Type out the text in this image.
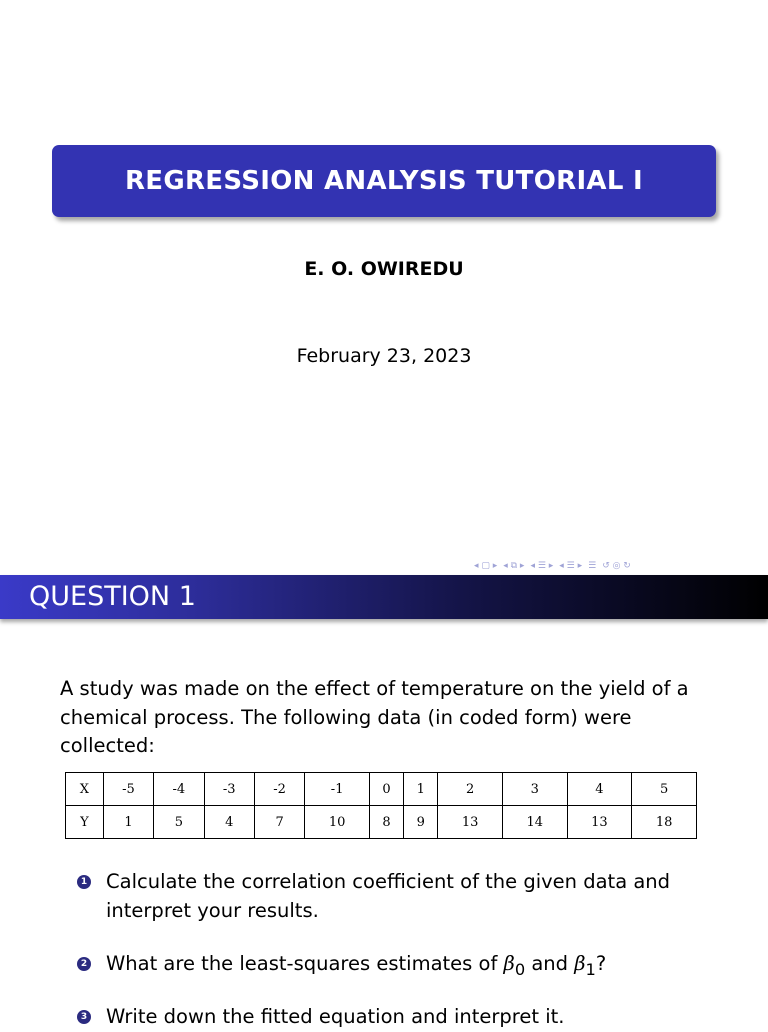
REGRESSION ANALYSIS TUTORIAL I
E. O. OWIREDU
February 23, 2023
◂ ▢ ▸ ◂ ⧉ ▸ ◂ ☰ ▸ ◂ ☰ ▸ ☰ ↺ ◎ ↻
QUESTION 1
A study was made on the effect of temperature on the yield of a chemical process. The following data (in coded form) were collected:
X	-5	-4	-3	-2	-1	0	1	2	3	4	5
Y	1	5	4	7	10	8	9	13	14	13	18
1 Calculate the correlation coefficient of the given data and interpret your results.
2 What are the least-squares estimates of $\beta_0$ and $\beta_1$?
3 Write down the fitted equation and interpret it.
